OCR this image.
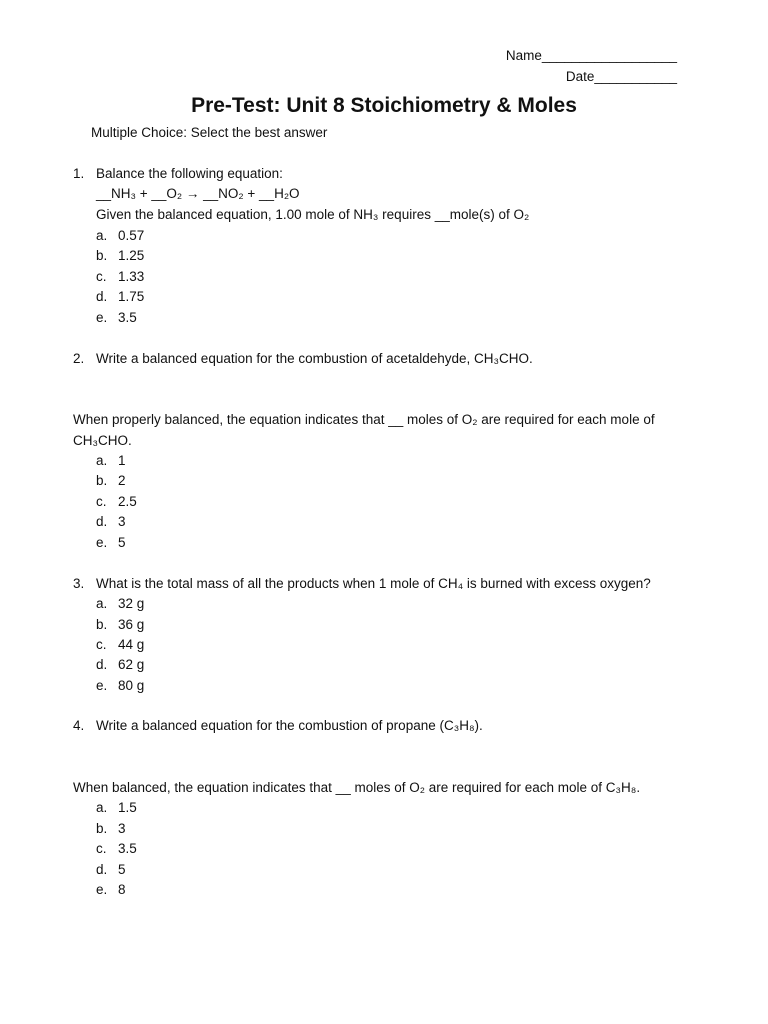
Name__________________
Date___________
Pre-Test: Unit 8 Stoichiometry & Moles
Multiple Choice: Select the best answer
1. Balance the following equation:
__NH₃ + __O₂ → __NO₂ + __H₂O
Given the balanced equation, 1.00 mole of NH₃ requires __mole(s) of O₂
a. 0.57
b. 1.25
c. 1.33
d. 1.75
e. 3.5
2. Write a balanced equation for the combustion of acetaldehyde, CH₃CHO.
When properly balanced, the equation indicates that __ moles of O₂ are required for each mole of
CH₃CHO.
a. 1
b. 2
c. 2.5
d. 3
e. 5
3. What is the total mass of all the products when 1 mole of CH₄ is burned with excess oxygen?
a. 32 g
b. 36 g
c. 44 g
d. 62 g
e. 80 g
4. Write a balanced equation for the combustion of propane (C₃H₈).
When balanced, the equation indicates that __ moles of O₂ are required for each mole of C₃H₈.
a. 1.5
b. 3
c. 3.5
d. 5
e. 8
